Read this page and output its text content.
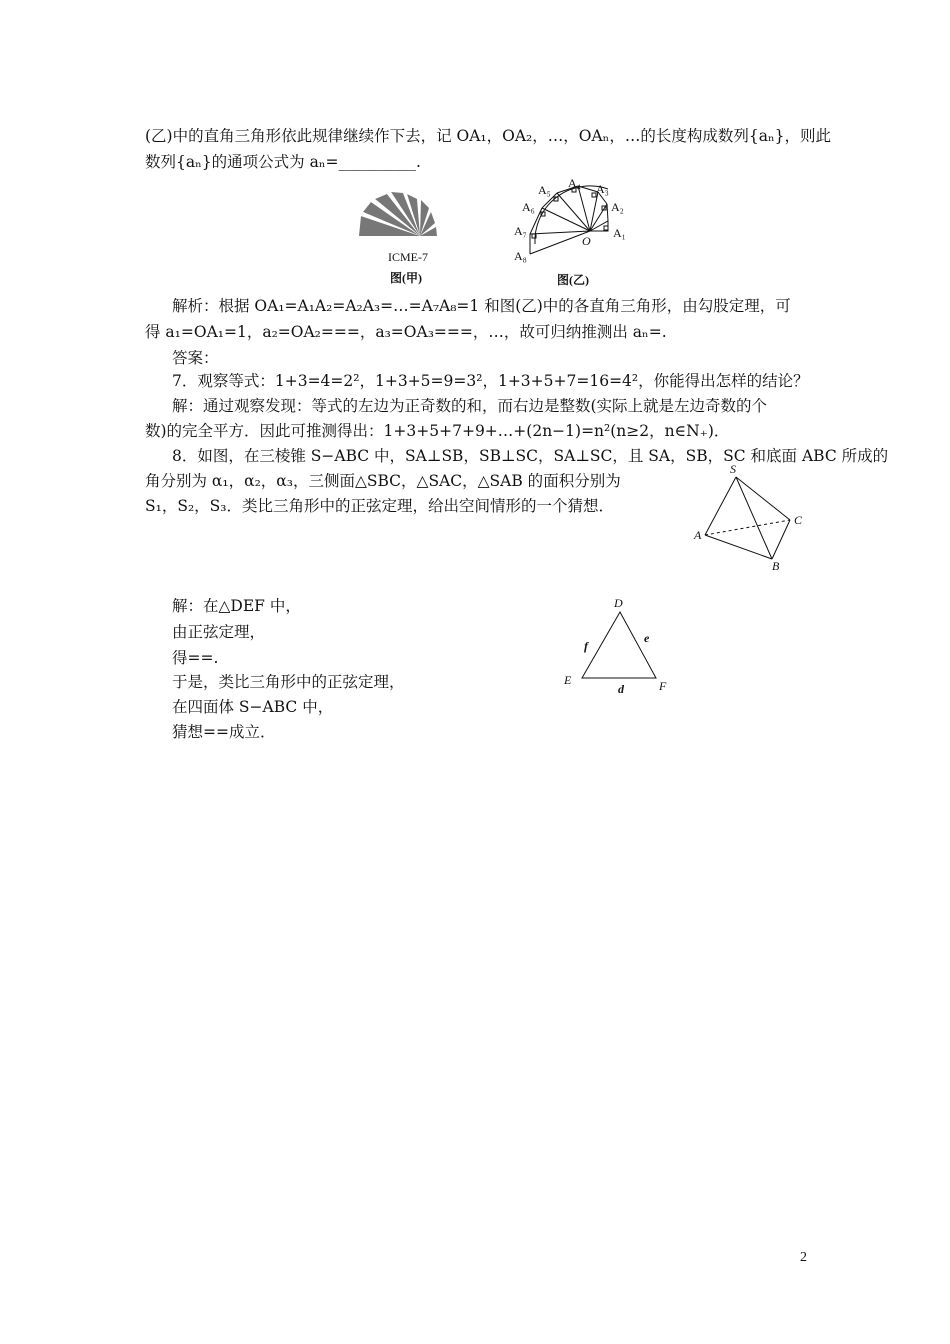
(乙)中的直角三角形依此规律继续作下去，记 OA₁，OA₂，…，OAₙ，…的长度构成数列{aₙ}，则此
数列{aₙ}的通项公式为 aₙ=__________.
ICME-7
图(甲)
A₁
A₂
A₃
A₄
A₅
A₆
A₇
A₈
O
图(乙)
解析：根据 OA₁=A₁A₂=A₂A₃=…=A₇A₈=1 和图(乙)中的各直角三角形，由勾股定理，可
得 a₁=OA₁=1，a₂=OA₂===，a₃=OA₃===，…，故可归纳推测出 aₙ=.
答案：
7．观察等式：1+3=4=2²，1+3+5=9=3²，1+3+5+7=16=4²，你能得出怎样的结论？
解：通过观察发现：等式的左边为正奇数的和，而右边是整数(实际上就是左边奇数的个
数)的完全平方．因此可推测得出：1+3+5+7+9+…+(2n−1)=n²(n≥2，n∈N₊)．
8．如图，在三棱锥 S−ABC 中，SA⊥SB，SB⊥SC，SA⊥SC，且 SA，SB，SC 和底面 ABC 所成的
角分别为 α₁，α₂，α₃，三侧面△SBC，△SAC，△SAB 的面积分别为
S₁，S₂，S₃．类比三角形中的正弦定理，给出空间情形的一个猜想．
S
A
B
C
解：在△DEF 中，
由正弦定理，
得==.
于是，类比三角形中的正弦定理，
在四面体 S−ABC 中，
猜想==成立．
D
E	F
d
e
f
2
